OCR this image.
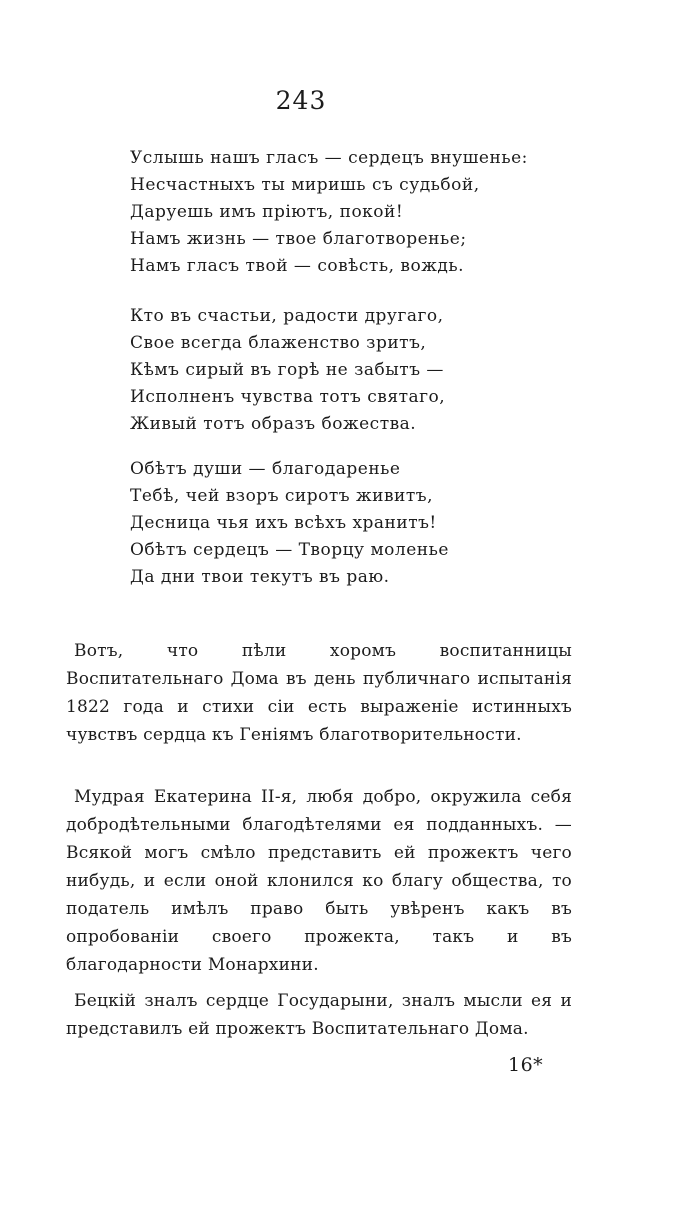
243
Услышь нашъ гласъ — сердецъ внушенье:
Несчастныхъ ты миришь съ судьбой,
Даруешь имъ прiютъ, покой!
Намъ жизнь — твое благотворенье;
Намъ гласъ твой — совѣсть, вождь.
Кто въ счастьи, радости другаго,
Свое всегда блаженство зритъ,
Кѣмъ сирый въ горѣ не забытъ —
Исполненъ чувства тотъ святаго,
Живый тотъ образъ божества.
Обѣтъ души — благодаренье
Тебѣ, чей взоръ сиротъ живитъ,
Десница чья ихъ всѣхъ хранитъ!
Обѣтъ сердецъ — Творцу моленье
Да дни твои текутъ въ раю.

Вотъ, что пѣли хоромъ воспитанницы Воспитательнаго Дома въ день публичнаго испытанiя 1822 года и стихи сiи есть выраженiе истинныхъ чувствъ сердца къ Генiямъ благотворительности.

Мудрая Екатерина II-я, любя добро, окружила себя добродѣтельными благодѣтелями ея подданныхъ. — Всякой могъ смѣло представить ей прожектъ чего нибудь, и если оной клонился ко благу общества, то податель имѣлъ право быть увѣренъ какъ въ опробованiи своего прожекта, такъ и въ благодарности Монархини.

Бецкiй зналъ сердце Государыни, зналъ мысли ея и представилъ ей прожектъ Воспитательнаго Дома.

16*
